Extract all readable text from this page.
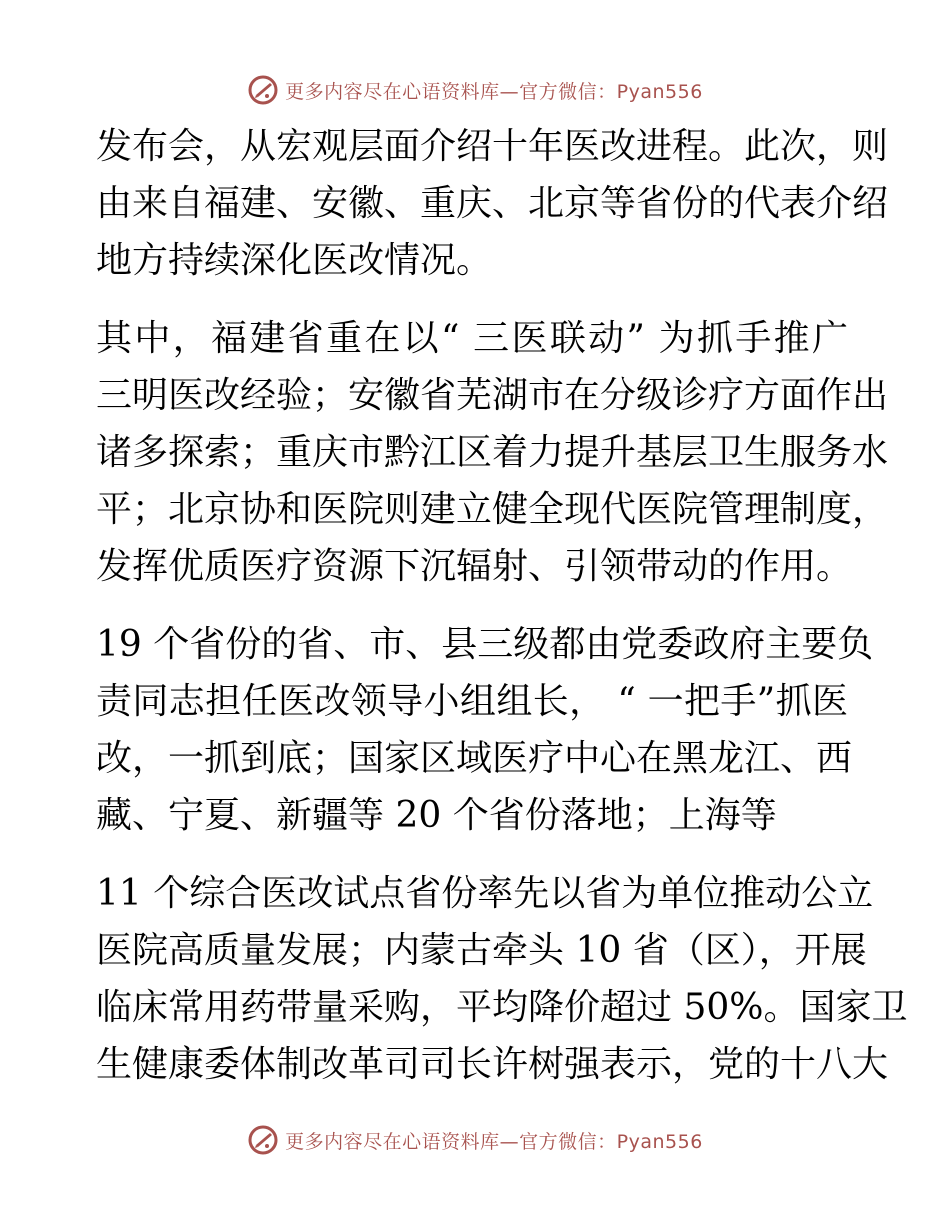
更多内容尽在心语资料库—官方微信：Pyan556
发布会，从宏观层面介绍十年医改进程。此次，则
由来自福建、安徽、重庆、北京等省份的代表介绍
地方持续深化医改情况。
其中，福建省重在以“ 三医联动” 为抓手推广
三明医改经验；安徽省芜湖市在分级诊疗方面作出
诸多探索；重庆市黔江区着力提升基层卫生服务水
平；北京协和医院则建立健全现代医院管理制度，
发挥优质医疗资源下沉辐射、引领带动的作用。
19 个省份的省、市、县三级都由党委政府主要负
责同志担任医改领导小组组长， “ 一把手”抓医
改，一抓到底；国家区域医疗中心在黑龙江、西
藏、宁夏、新疆等 20 个省份落地；上海等
11 个综合医改试点省份率先以省为单位推动公立
医院高质量发展；内蒙古牵头 10 省（区），开展
临床常用药带量采购，平均降价超过 50%。国家卫
生健康委体制改革司司长许树强表示，党的十八大
更多内容尽在心语资料库—官方微信：Pyan556
